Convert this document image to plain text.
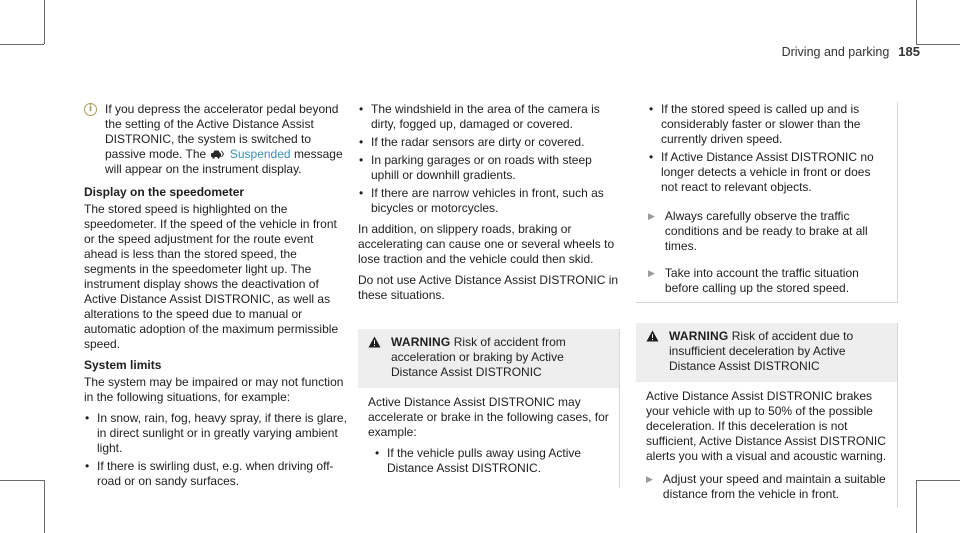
Driving and parking 185
i	If you depress the accelerator pedal beyond the setting of the Active Distance Assist DISTRONIC, the system is switched to passive mode. The Suspended message will appear on the instrument display.
Display on the speedometer

The stored speed is highlighted on the speedometer. If the speed of the vehicle in front or the speed adjustment for the route event ahead is less than the stored speed, the segments in the speedometer light up. The instrument display shows the deactivation of Active Distance Assist DISTRONIC, as well as alterations to the speed due to manual or automatic adoption of the maximum permissible speed.

System limits

The system may be impaired or may not function in the following situations, for example:

• In snow, rain, fog, heavy spray, if there is glare, in direct sunlight or in greatly varying ambient light.
• If there is swirling dust, e.g. when driving off-road or on sandy surfaces.
• The windshield in the area of the camera is dirty, fogged up, damaged or covered.
• If the radar sensors are dirty or covered.
• In parking garages or on roads with steep uphill or downhill gradients.
• If there are narrow vehicles in front, such as bicycles or motorcycles.

In addition, on slippery roads, braking or accelerating can cause one or several wheels to lose traction and the vehicle could then skid.

Do not use Active Distance Assist DISTRONIC in these situations.

WARNING Risk of accident from acceleration or braking by Active Distance Assist DISTRONIC

Active Distance Assist DISTRONIC may accelerate or brake in the following cases, for example:

• If the vehicle pulls away using Active Distance Assist DISTRONIC.
• If the stored speed is called up and is considerably faster or slower than the currently driven speed.
• If Active Distance Assist DISTRONIC no longer detects a vehicle in front or does not react to relevant objects.
▶ Always carefully observe the traffic conditions and be ready to brake at all times.
▶ Take into account the traffic situation before calling up the stored speed.
WARNING Risk of accident due to insufficient deceleration by Active Distance Assist DISTRONIC

Active Distance Assist DISTRONIC brakes your vehicle with up to 50% of the possible deceleration. If this deceleration is not sufficient, Active Distance Assist DISTRONIC alerts you with a visual and acoustic warning.

▶ Adjust your speed and maintain a suitable distance from the vehicle in front.
